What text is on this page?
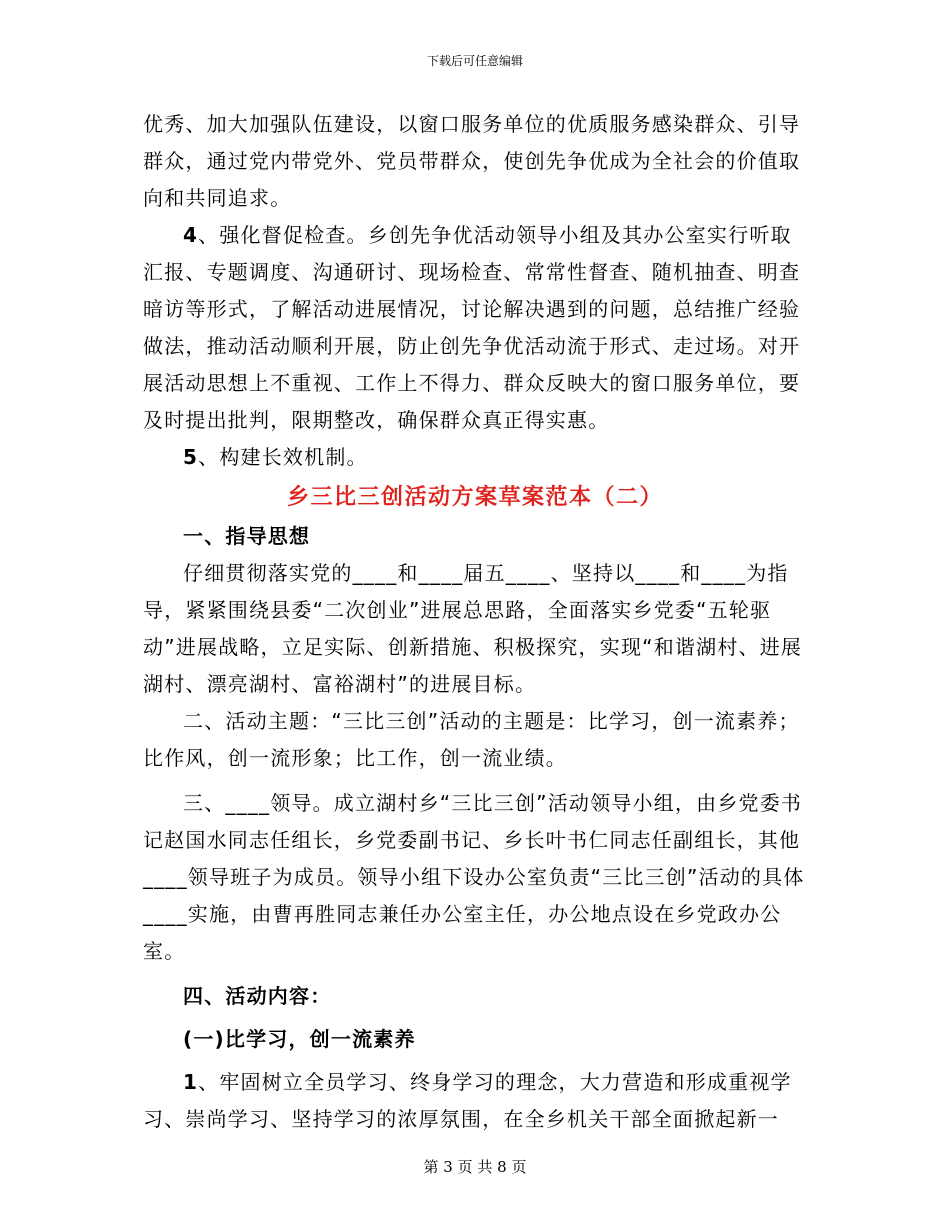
下载后可任意编辑

优秀、加大加强队伍建设，以窗口服务单位的优质服务感染群众、引导群众，通过党内带党外、党员带群众，使创先争优成为全社会的价值取向和共同追求。

4、强化督促检查。乡创先争优活动领导小组及其办公室实行听取汇报、专题调度、沟通研讨、现场检查、常常性督查、随机抽查、明查暗访等形式，了解活动进展情况，讨论解决遇到的问题，总结推广经验做法，推动活动顺利开展，防止创先争优活动流于形式、走过场。对开展活动思想上不重视、工作上不得力、群众反映大的窗口服务单位，要及时提出批判，限期整改，确保群众真正得实惠。

5、构建长效机制。

乡三比三创活动方案草案范本（二）

一、指导思想

仔细贯彻落实党的____和____届五____、坚持以____和____为指导，紧紧围绕县委“二次创业”进展总思路，全面落实乡党委“五轮驱动”进展战略，立足实际、创新措施、积极探究，实现“和谐湖村、进展湖村、漂亮湖村、富裕湖村”的进展目标。

二、活动主题：“三比三创”活动的主题是：比学习，创一流素养；比作风，创一流形象；比工作，创一流业绩。

三、____领导。成立湖村乡“三比三创”活动领导小组，由乡党委书记赵国水同志任组长，乡党委副书记、乡长叶书仁同志任副组长，其他____领导班子为成员。领导小组下设办公室负责“三比三创”活动的具体____实施，由曹再胜同志兼任办公室主任，办公地点设在乡党政办公室。

四、活动内容：

(一)比学习，创一流素养

1、牢固树立全员学习、终身学习的理念，大力营造和形成重视学习、崇尚学习、坚持学习的浓厚氛围，在全乡机关干部全面掀起新一

第 3 页 共 8 页
